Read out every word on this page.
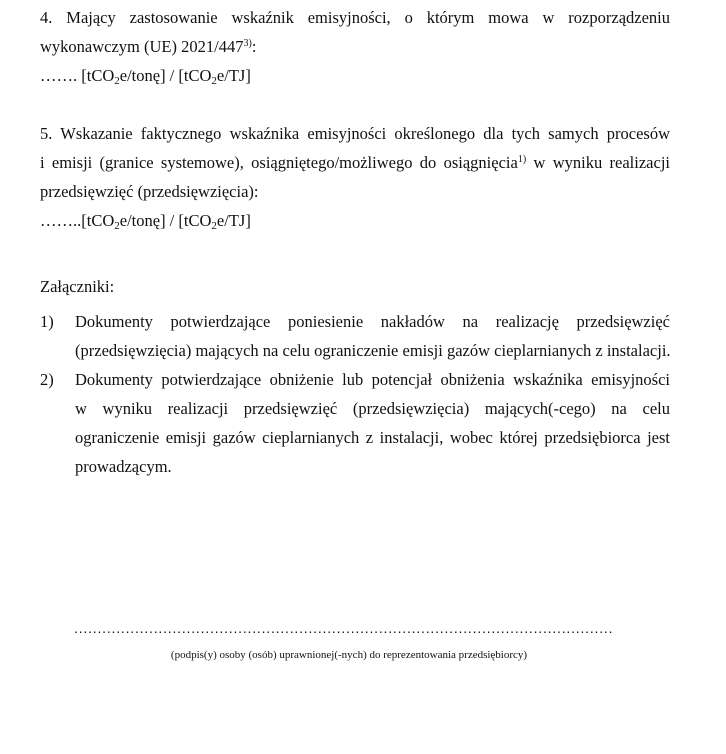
4. Mający zastosowanie wskaźnik emisyjności, o którym mowa w rozporządzeniu
wykonawczym (UE) 2021/447$^{3)}$:
……. [tCO$_2$e/tonę] / [tCO$_2$e/TJ]
5. Wskazanie faktycznego wskaźnika emisyjności określonego dla tych samych procesów
i emisji (granice systemowe), osiągniętego/możliwego do osiągnięcia$^{1)}$ w wyniku realizacji
przedsięwzięć (przedsięwzięcia):
……..[tCO$_2$e/tonę] / [tCO$_2$e/TJ]
Załączniki:
1) Dokumenty potwierdzające poniesienie nakładów na realizację przedsięwzięć
(przedsięwzięcia) mających na celu ograniczenie emisji gazów cieplarnianych z instalacji.
2) Dokumenty potwierdzające obniżenie lub potencjał obniżenia wskaźnika emisyjności
w wyniku realizacji przedsięwzięć (przedsięwzięcia) mających(-cego) na celu
ograniczenie emisji gazów cieplarnianych z instalacji, wobec której przedsiębiorca jest
prowadzącym.
...................................................................................................................
(podpis(y) osoby (osób) uprawnionej(-nych) do reprezentowania przedsiębiorcy)
